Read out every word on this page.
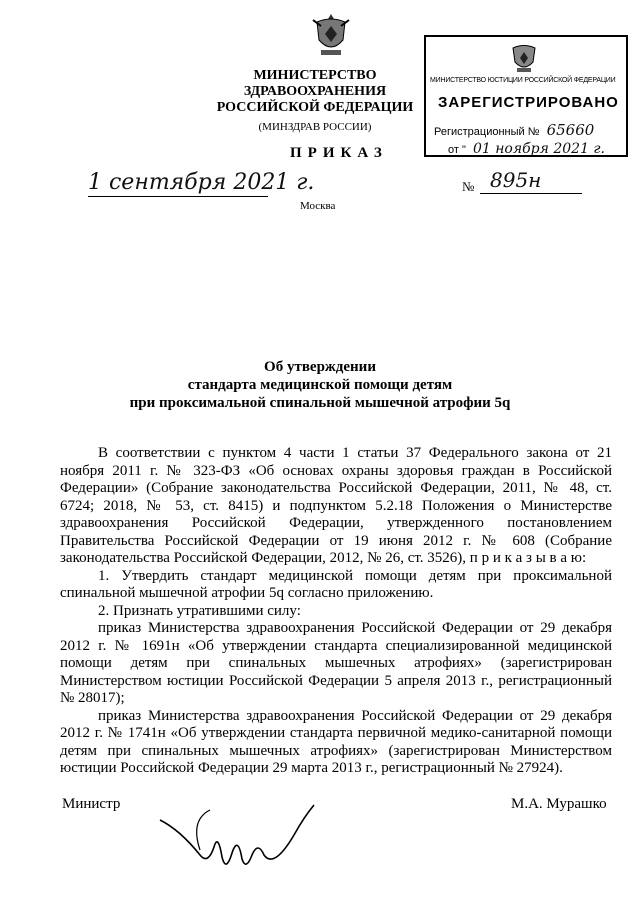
МИНИСТЕРСТВО ЗДРАВООХРАНЕНИЯ
РОССИЙСКОЙ ФЕДЕРАЦИИ
(МИНЗДРАВ РОССИИ)
МИНИСТЕРСТВО ЮСТИЦИИ РОССИЙСКОЙ ФЕДЕРАЦИИ
ЗАРЕГИСТРИРОВАНО
Регистрационный № 65660
от " 01 ноября 2021 г.
ПРИКАЗ
1 сентября 2021 г.	№ 895н
Москва
Об утверждении
стандарта медицинской помощи детям
при проксимальной спинальной мышечной атрофии 5q

В соответствии с пунктом 4 части 1 статьи 37 Федерального закона от 21 ноября 2011 г. № 323-ФЗ «Об основах охраны здоровья граждан в Российской Федерации» (Собрание законодательства Российской Федерации, 2011, № 48, ст. 6724; 2018, № 53, ст. 8415) и подпунктом 5.2.18 Положения о Министерстве здравоохранения Российской Федерации, утвержденного постановлением Правительства Российской Федерации от 19 июня 2012 г. № 608 (Собрание законодательства Российской Федерации, 2012, № 26, ст. 3526), п р и к а з ы в а ю:

1. Утвердить стандарт медицинской помощи детям при проксимальной спинальной мышечной атрофии 5q согласно приложению.

2. Признать утратившими силу:

приказ Министерства здравоохранения Российской Федерации от 29 декабря 2012 г. № 1691н «Об утверждении стандарта специализированной медицинской помощи детям при спинальных мышечных атрофиях» (зарегистрирован Министерством юстиции Российской Федерации 5 апреля 2013 г., регистрационный № 28017);

приказ Министерства здравоохранения Российской Федерации от 29 декабря 2012 г. № 1741н «Об утверждении стандарта первичной медико-санитарной помощи детям при спинальных мышечных атрофиях» (зарегистрирован Министерством юстиции Российской Федерации 29 марта 2013 г., регистрационный № 27924).

Министр	М.А. Мурашко
